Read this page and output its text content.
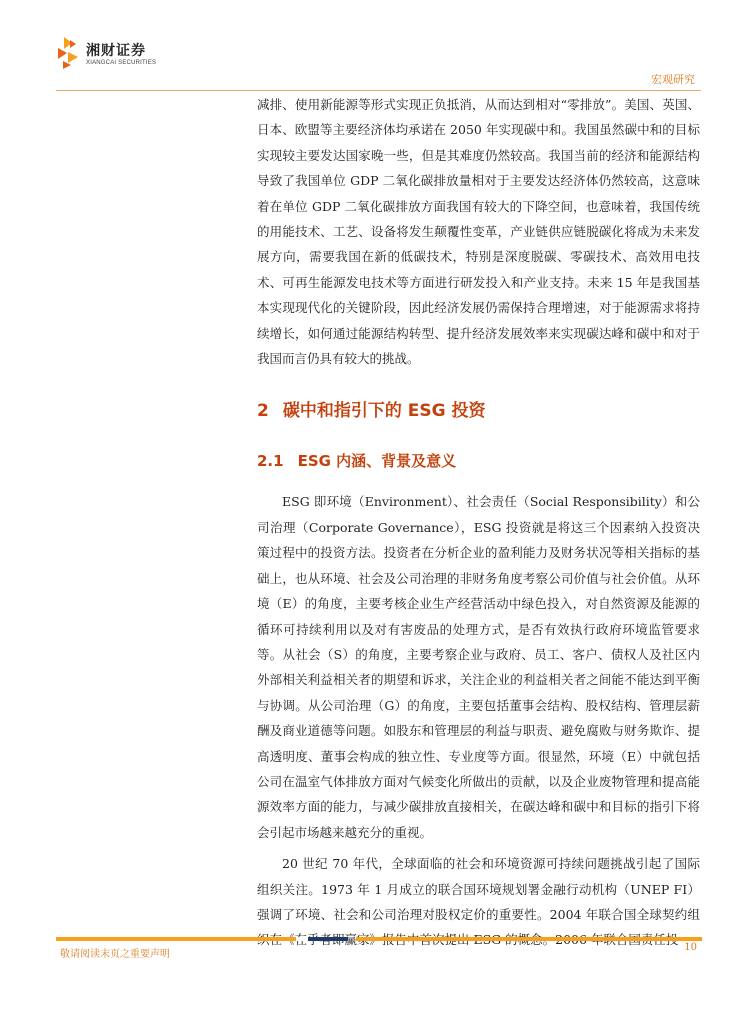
湘财证券
XIANGCAI SECURITIES
宏观研究

减排、使用新能源等形式实现正负抵消，从而达到相对“零排放”。美国、英国、日本、欧盟等主要经济体均承诺在 2050 年实现碳中和。我国虽然碳中和的目标实现较主要发达国家晚一些，但是其难度仍然较高。我国当前的经济和能源结构导致了我国单位 GDP 二氧化碳排放量相对于主要发达经济体仍然较高，这意味着在单位 GDP 二氧化碳排放方面我国有较大的下降空间，也意味着，我国传统的用能技术、工艺、设备将发生颠覆性变革，产业链供应链脱碳化将成为未来发展方向，需要我国在新的低碳技术，特别是深度脱碳、零碳技术、高效用电技术、可再生能源发电技术等方面进行研发投入和产业支持。未来 15 年是我国基本实现现代化的关键阶段，因此经济发展仍需保持合理增速，对于能源需求将持续增长，如何通过能源结构转型、提升经济发展效率来实现碳达峰和碳中和对于我国而言仍具有较大的挑战。

2 碳中和指引下的 ESG 投资
2.1 ESG 内涵、背景及意义

ESG 即环境（Environment）、社会责任（Social Responsibility）和公司治理（Corporate Governance），ESG 投资就是将这三个因素纳入投资决策过程中的投资方法。投资者在分析企业的盈利能力及财务状况等相关指标的基础上，也从环境、社会及公司治理的非财务角度考察公司价值与社会价值。从环境（E）的角度，主要考核企业生产经营活动中绿色投入，对自然资源及能源的循环可持续利用以及对有害废品的处理方式，是否有效执行政府环境监管要求等。从社会（S）的角度，主要考察企业与政府、员工、客户、债权人及社区内外部相关利益相关者的期望和诉求，关注企业的利益相关者之间能不能达到平衡与协调。从公司治理（G）的角度，主要包括董事会结构、股权结构、管理层薪酬及商业道德等问题。如股东和管理层的利益与职责、避免腐败与财务欺诈、提高透明度、董事会构成的独立性、专业度等方面。很显然，环境（E）中就包括公司在温室气体排放方面对气候变化所做出的贡献，以及企业废物管理和提高能源效率方面的能力，与减少碳排放直接相关，在碳达峰和碳中和目标的指引下将会引起市场越来越充分的重视。

20 世纪 70 年代，全球面临的社会和环境资源可持续问题挑战引起了国际组织关注。1973 年 1 月成立的联合国环境规划署金融行动机构（UNEP FI）强调了环境、社会和公司治理对股权定价的重要性。2004 年联合国全球契约组 赢

敬请阅读末页之重要声明
10
